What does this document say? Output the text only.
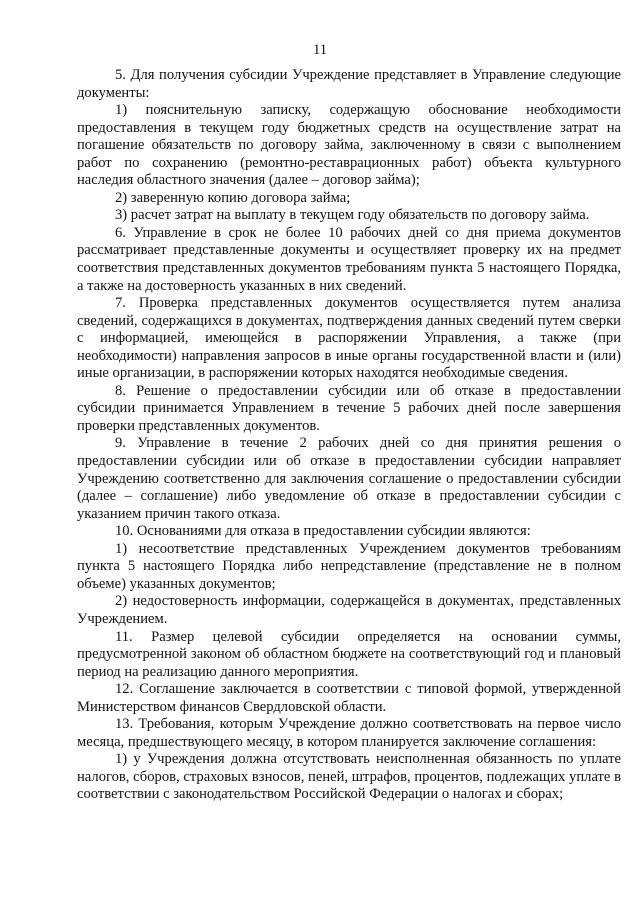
11

5. Для получения субсидии Учреждение представляет в Управление следующие документы:

1) пояснительную записку, содержащую обоснование необходимости предоставления в текущем году бюджетных средств на осуществление затрат на погашение обязательств по договору займа, заключенному в связи с выполнением работ по сохранению (ремонтно-реставрационных работ) объекта культурного наследия областного значения (далее – договор займа);

2) заверенную копию договора займа;

3) расчет затрат на выплату в текущем году обязательств по договору займа.

6. Управление в срок не более 10 рабочих дней со дня приема документов рассматривает представленные документы и осуществляет проверку их на предмет соответствия представленных документов требованиям пункта 5 настоящего Порядка, а также на достоверность указанных в них сведений.

7. Проверка представленных документов осуществляется путем анализа сведений, содержащихся в документах, подтверждения данных сведений путем сверки с информацией, имеющейся в распоряжении Управления, а также (при необходимости) направления запросов в иные органы государственной власти и (или) иные организации, в распоряжении которых находятся необходимые сведения.

8. Решение о предоставлении субсидии или об отказе в предоставлении субсидии принимается Управлением в течение 5 рабочих дней после завершения проверки представленных документов.

9. Управление в течение 2 рабочих дней со дня принятия решения о предоставлении субсидии или об отказе в предоставлении субсидии направляет Учреждению соответственно для заключения соглашение о предоставлении субсидии (далее – соглашение) либо уведомление об отказе в предоставлении субсидии с указанием причин такого отказа.

10. Основаниями для отказа в предоставлении субсидии являются:

1) несоответствие представленных Учреждением документов требованиям пункта 5 настоящего Порядка либо непредставление (представление не в полном объеме) указанных документов;

2) недостоверность информации, содержащейся в документах, представленных Учреждением.

11. Размер целевой субсидии определяется на основании суммы, предусмотренной законом об областном бюджете на соответствующий год и плановый период на реализацию данного мероприятия.

12. Соглашение заключается в соответствии с типовой формой, утвержденной Министерством финансов Свердловской области.

13. Требования, которым Учреждение должно соответствовать на первое число месяца, предшествующего месяцу, в котором планируется заключение соглашения:

1) у Учреждения должна отсутствовать неисполненная обязанность по уплате налогов, сборов, страховых взносов, пеней, штрафов, процентов, подлежащих уплате в соответствии с законодательством Российской Федерации о налогах и сборах;
